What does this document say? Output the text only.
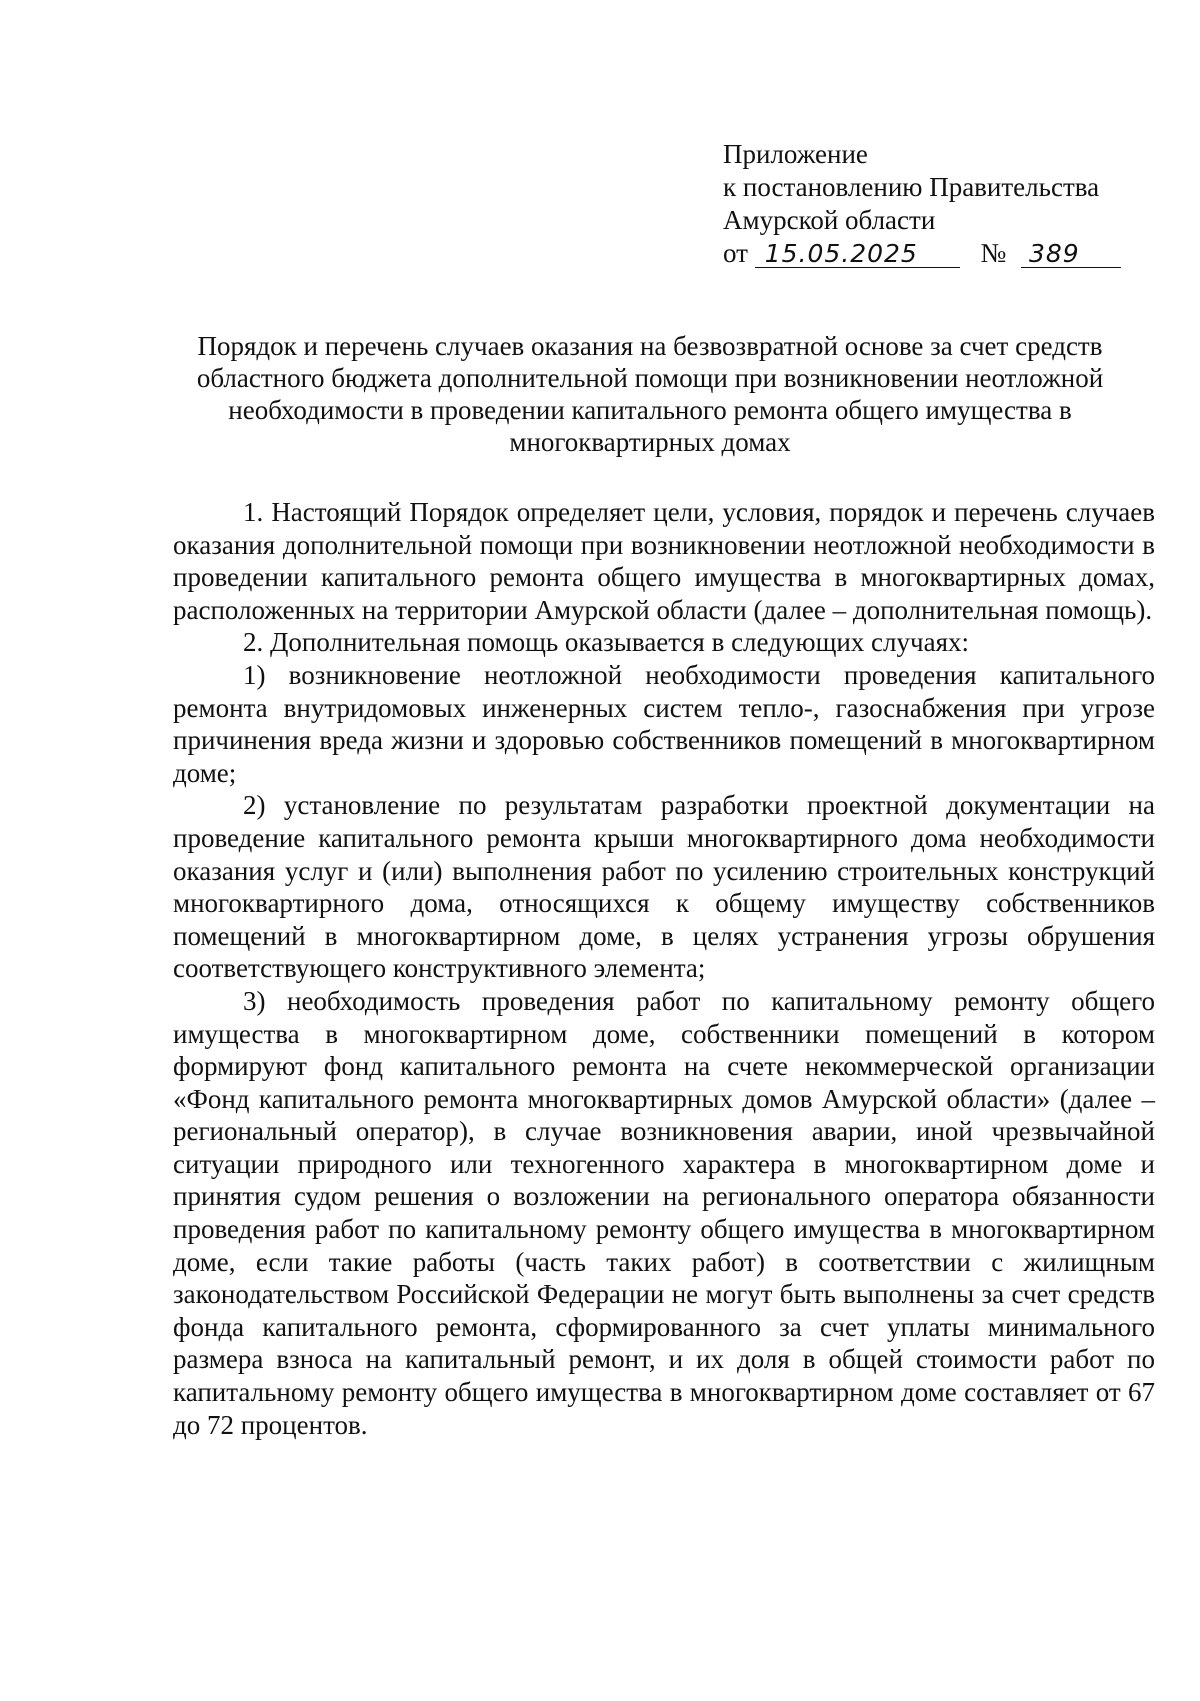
Приложение
к постановлению Правительства
Амурской области
от 15.05.2025 № 389
Порядок и перечень случаев оказания на безвозвратной основе за счет средств
областного бюджета дополнительной помощи при возникновении неотложной
необходимости в проведении капитального ремонта общего имущества в
многоквартирных домах

1. Настоящий Порядок определяет цели, условия, порядок и перечень случаев оказания дополнительной помощи при возникновении неотложной необходимости в проведении капитального ремонта общего имущества в многоквартирных домах, расположенных на территории Амурской области (далее – дополнительная помощь).

2. Дополнительная помощь оказывается в следующих случаях:

1) возникновение неотложной необходимости проведения капитального ремонта внутридомовых инженерных систем тепло-, газоснабжения при угрозе причинения вреда жизни и здоровью собственников помещений в многоквартирном доме;

2) установление по результатам разработки проектной документации на проведение капитального ремонта крыши многоквартирного дома необходимости оказания услуг и (или) выполнения работ по усилению строительных конструкций многоквартирного дома, относящихся к общему имуществу собственников помещений в многоквартирном доме, в целях устранения угрозы обрушения соответствующего конструктивного элемента;

3) необходимость проведения работ по капитальному ремонту общего имущества в многоквартирном доме, собственники помещений в котором формируют фонд капитального ремонта на счете некоммерческой организации «Фонд капитального ремонта многоквартирных домов Амурской области» (далее – региональный оператор), в случае возникновения аварии, иной чрезвычайной ситуации природного или техногенного характера в многоквартирном доме и принятия судом решения о возложении на регионального оператора обязанности проведения работ по капитальному ремонту общего имущества в многоквартирном доме, если такие работы (часть таких работ) в соответствии с жилищным законодательством Российской Федерации не могут быть выполнены за счет средств фонда капитального ремонта, сформированного за счет уплаты минимального размера взноса на капитальный ремонт, и их доля в общей стоимости работ по капитальному ремонту общего имущества в многоквартирном доме составляет от 67 до 72 процентов.
